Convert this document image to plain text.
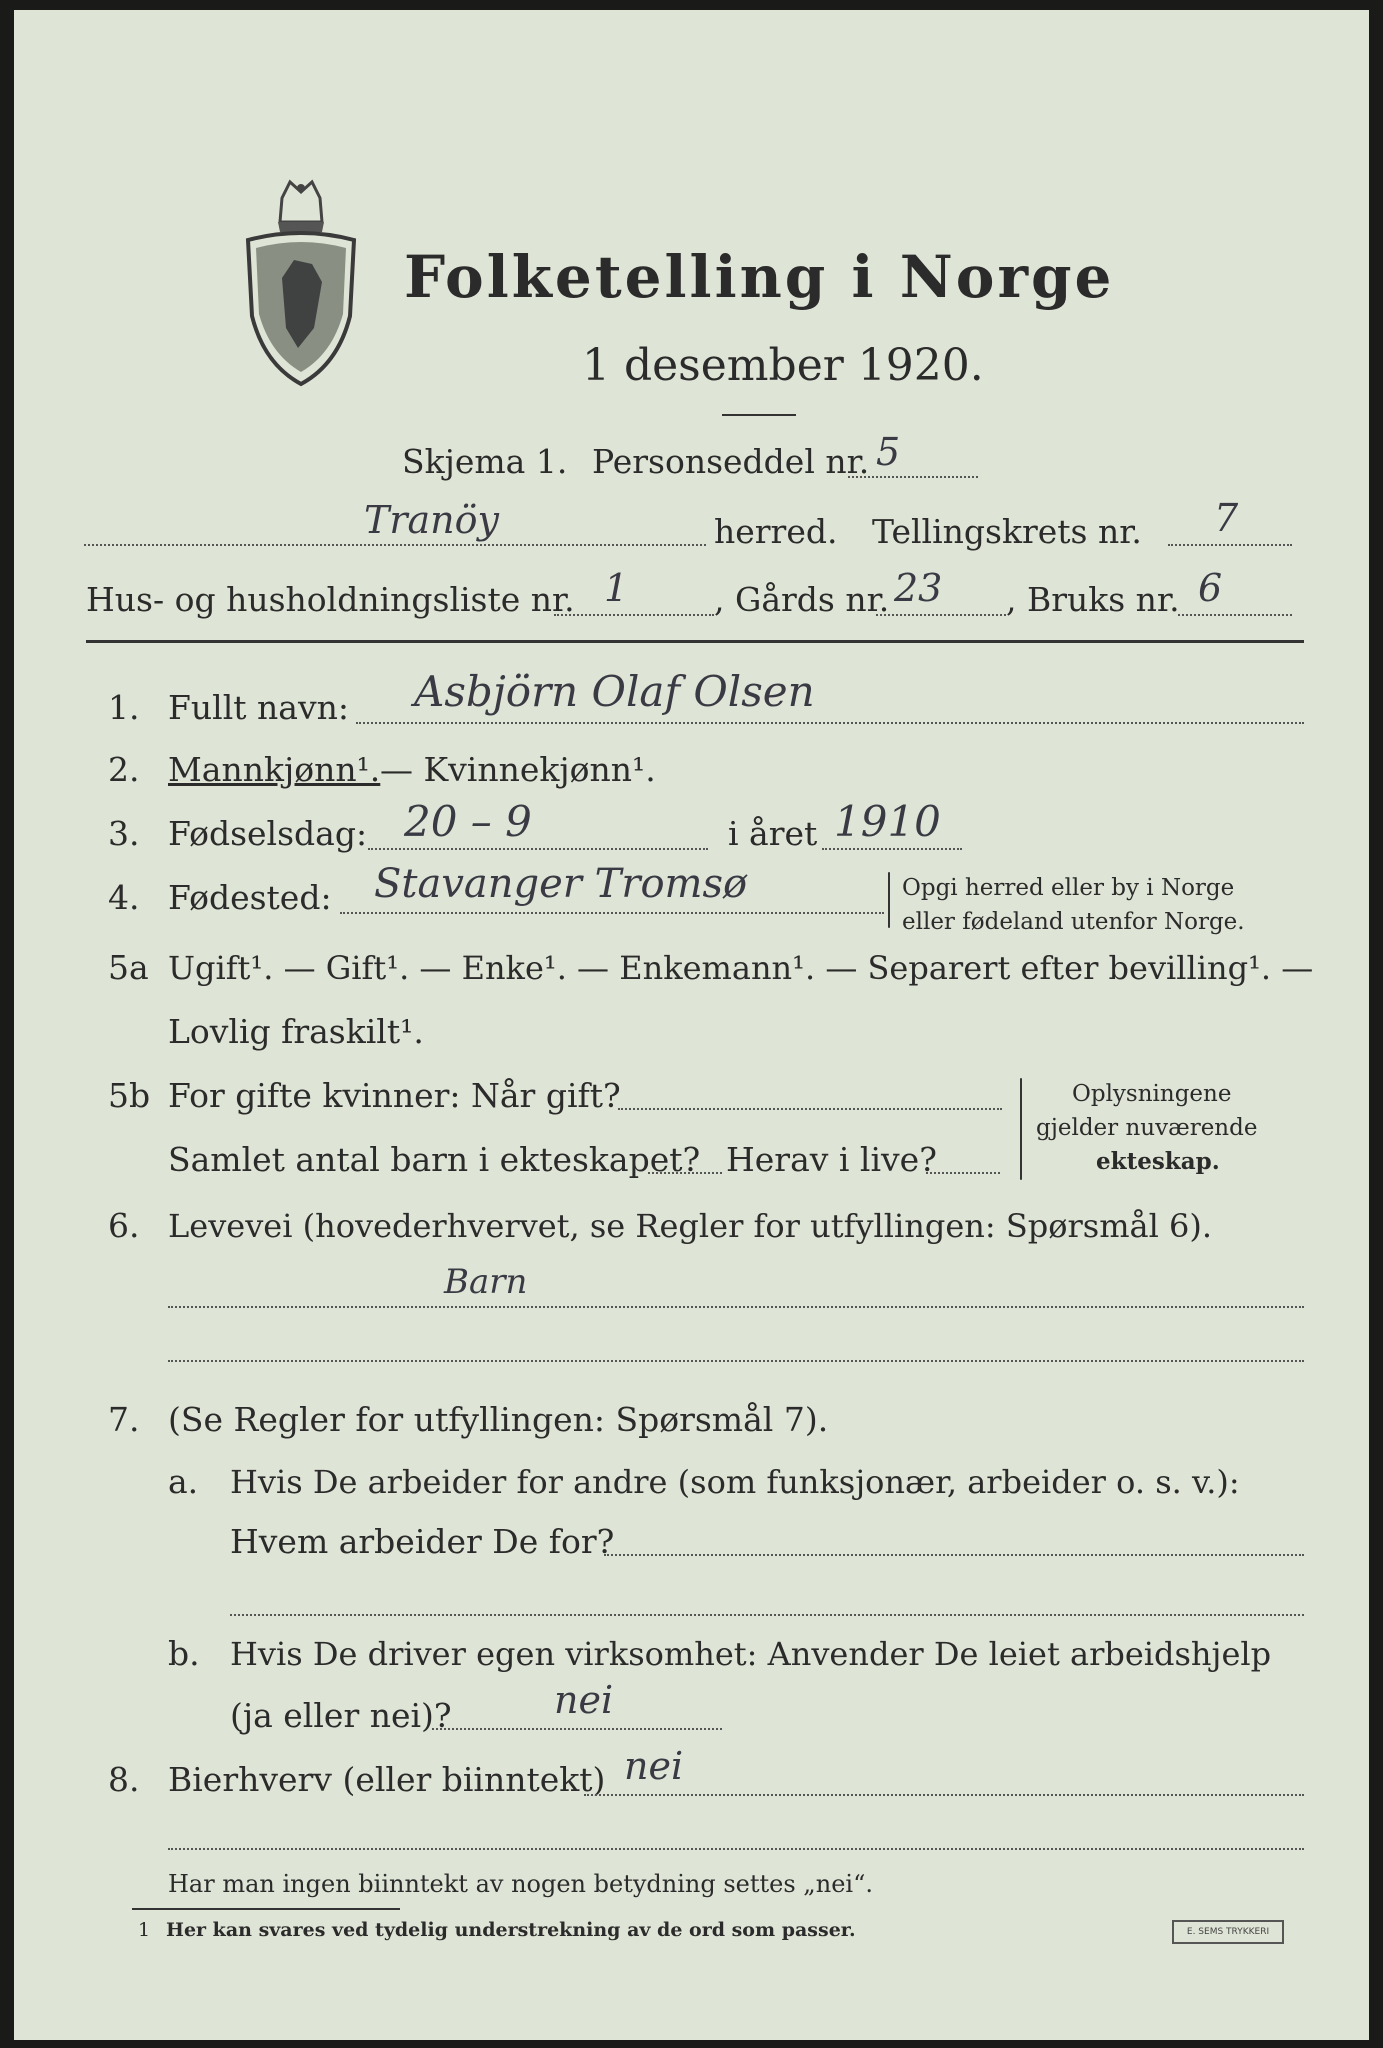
Folketelling i Norge
1 desember 1920.
Skjema 1. Personseddel nr. 5
Tranöy	herred. Tellingskrets nr. 7
Hus- og husholdningsliste nr. 1	, Gårds nr. 23 , Bruks nr. 6
1. Fullt navn: Asbjörn Olaf Olsen
2. Mannkjønn¹. — Kvinnekjønn¹.
3. Fødselsdag: 20 – 9	i året 1910
4. Fødested: Stavanger Tromsø	Opgi herred eller by i Norge
eller fødeland utenfor Norge.
5a Ugift¹. — Gift¹. — Enke¹. — Enkemann¹. — Separert efter bevilling¹. —
Lovlig fraskilt¹.
5b For gifte kvinner: Når gift?
Samlet antal barn i ekteskapet? Herav i live?
Oplysningene
gjelder nuværende
ekteskap.
6. Levevei (hovederhvervet, se Regler for utfyllingen: Spørsmål 6).
Barn
7. (Se Regler for utfyllingen: Spørsmål 7).
a. Hvis De arbeider for andre (som funksjonær, arbeider o. s. v.):
Hvem arbeider De for?
b. Hvis De driver egen virksomhet: Anvender De leiet arbeidshjelp
(ja eller nei)?	nei
8. Bierhverv (eller biinntekt) nei
Har man ingen biinntekt av nogen betydning settes „nei“.
1 Her kan svares ved tydelig understrekning av de ord som passer.	E. SEMS TRYKKERI
